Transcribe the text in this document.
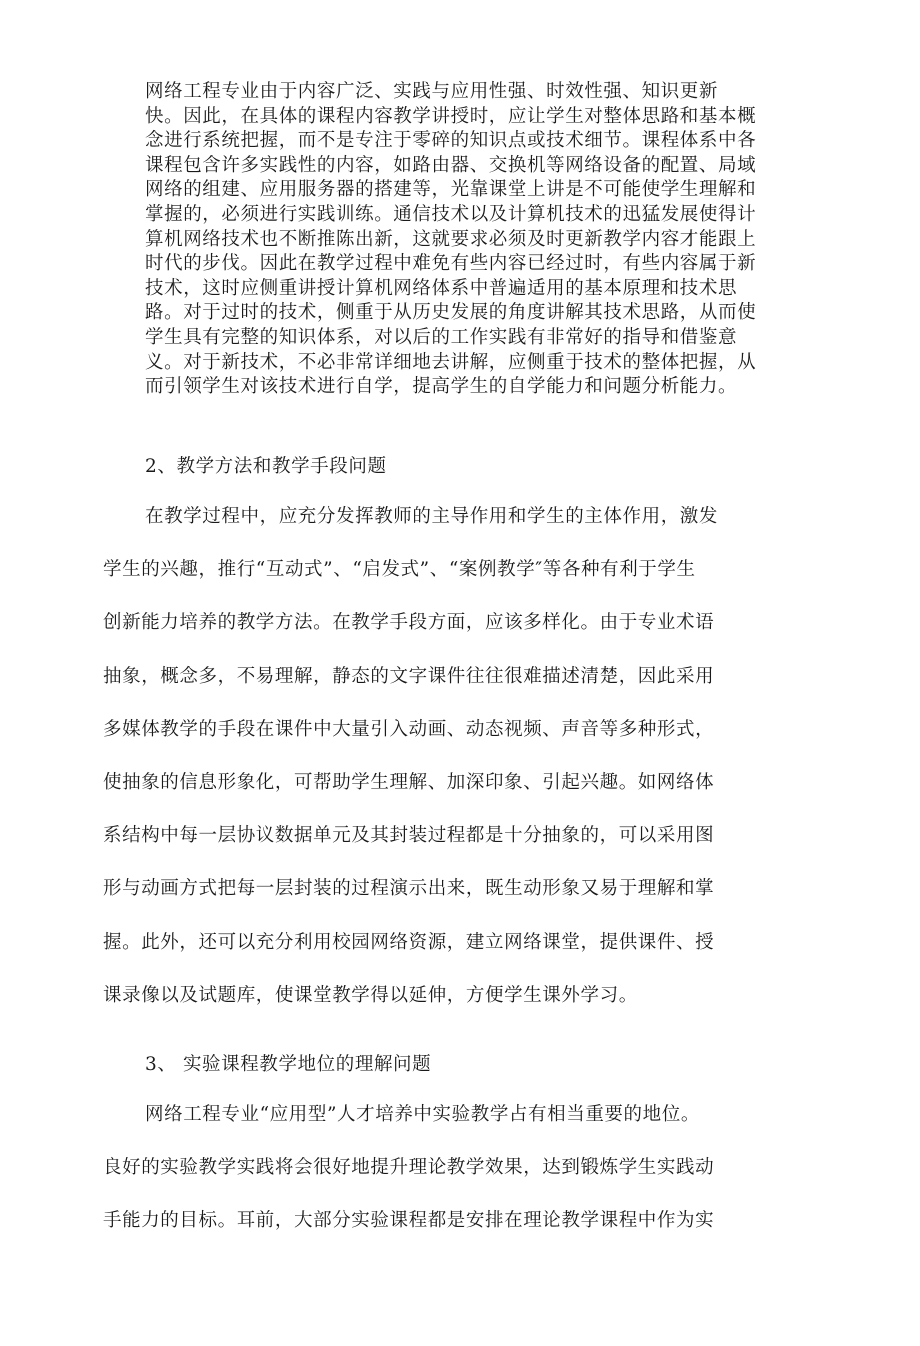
网络工程专业由于内容广泛、实践与应用性强、时效性强、知识更新
快。因此，在具体的课程内容教学讲授时，应让学生对整体思路和基本概
念进行系统把握，而不是专注于零碎的知识点或技术细节。课程体系中各
课程包含许多实践性的内容，如路由器、交换机等网络设备的配置、局域
网络的组建、应用服务器的搭建等，光靠课堂上讲是不可能使学生理解和
掌握的，必须进行实践训练。通信技术以及计算机技术的迅猛发展使得计
算机网络技术也不断推陈出新，这就要求必须及时更新教学内容才能跟上
时代的步伐。因此在教学过程中难免有些内容已经过时，有些内容属于新
技术，这时应侧重讲授计算机网络体系中普遍适用的基本原理和技术思
路。对于过时的技术，侧重于从历史发展的角度讲解其技术思路，从而使
学生具有完整的知识体系，对以后的工作实践有非常好的指导和借鉴意
义。对于新技术，不必非常详细地去讲解，应侧重于技术的整体把握，从
而引领学生对该技术进行自学，提高学生的自学能力和问题分析能力。
2、教学方法和教学手段问题
在教学过程中，应充分发挥教师的主导作用和学生的主体作用，激发
学生的兴趣，推行“互动式”、“启发式”、“案例教学″等各种有利于学生
创新能力培养的教学方法。在教学手段方面，应该多样化。由于专业术语
抽象，概念多，不易理解，静态的文字课件往往很难描述清楚，因此采用
多媒体教学的手段在课件中大量引入动画、动态视频、声音等多种形式，
使抽象的信息形象化，可帮助学生理解、加深印象、引起兴趣。如网络体
系结构中每一层协议数据单元及其封装过程都是十分抽象的，可以采用图
形与动画方式把每一层封装的过程演示出来，既生动形象又易于理解和掌
握。此外，还可以充分利用校园网络资源，建立网络课堂，提供课件、授
课录像以及试题库，使课堂教学得以延伸，方便学生课外学习。
3、 实验课程教学地位的理解问题
网络工程专业“应用型”人才培养中实验教学占有相当重要的地位。
良好的实验教学实践将会很好地提升理论教学效果，达到锻炼学生实践动
手能力的目标。耳前，大部分实验课程都是安排在理论教学课程中作为实
